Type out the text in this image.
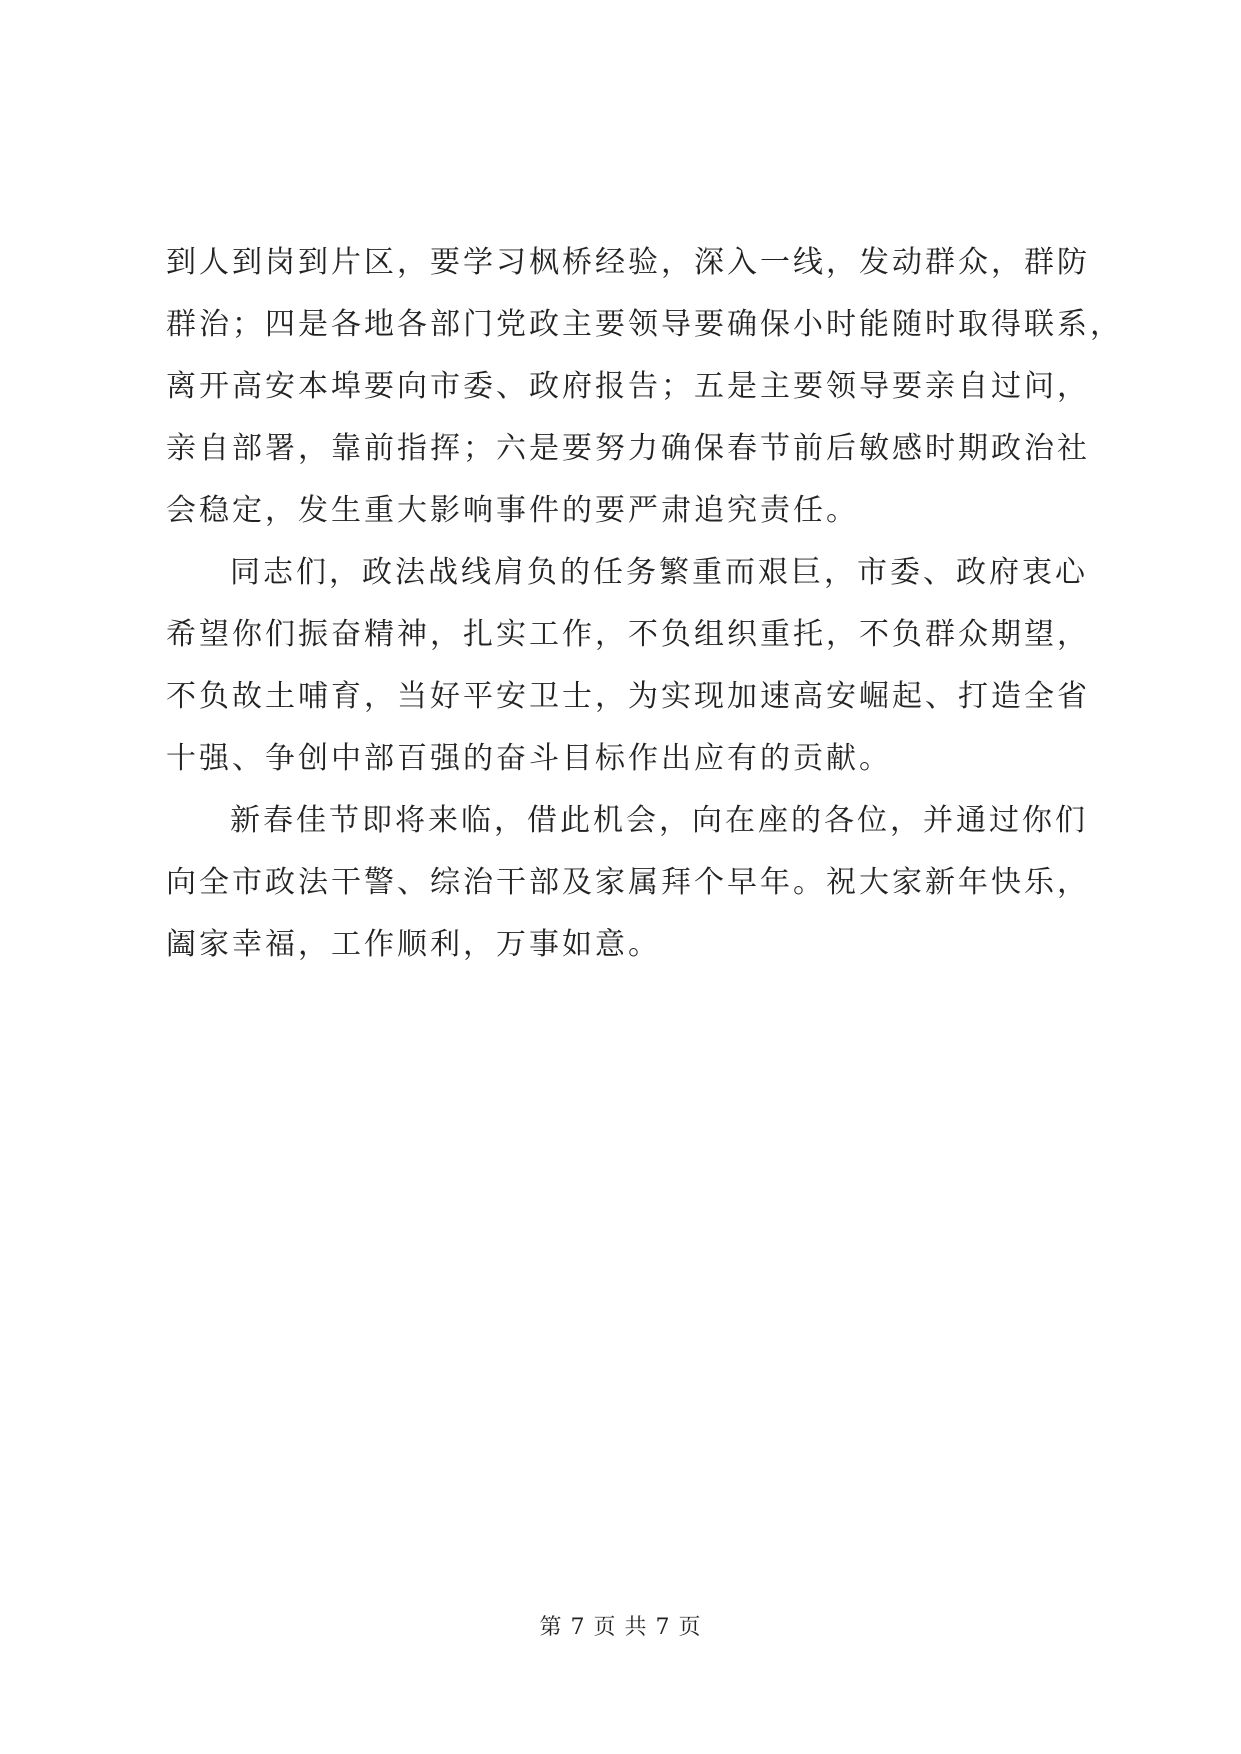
到人到岗到片区，要学习枫桥经验，深入一线，发动群众，群防
群治；四是各地各部门党政主要领导要确保小时能随时取得联系，
离开高安本埠要向市委、政府报告；五是主要领导要亲自过问，
亲自部署，靠前指挥；六是要努力确保春节前后敏感时期政治社
会稳定，发生重大影响事件的要严肃追究责任。
同志们，政法战线肩负的任务繁重而艰巨，市委、政府衷心
希望你们振奋精神，扎实工作，不负组织重托，不负群众期望，
不负故土哺育，当好平安卫士，为实现加速高安崛起、打造全省
十强、争创中部百强的奋斗目标作出应有的贡献。
新春佳节即将来临，借此机会，向在座的各位，并通过你们
向全市政法干警、综治干部及家属拜个早年。祝大家新年快乐，
阖家幸福，工作顺利，万事如意。
第 7 页 共 7 页
